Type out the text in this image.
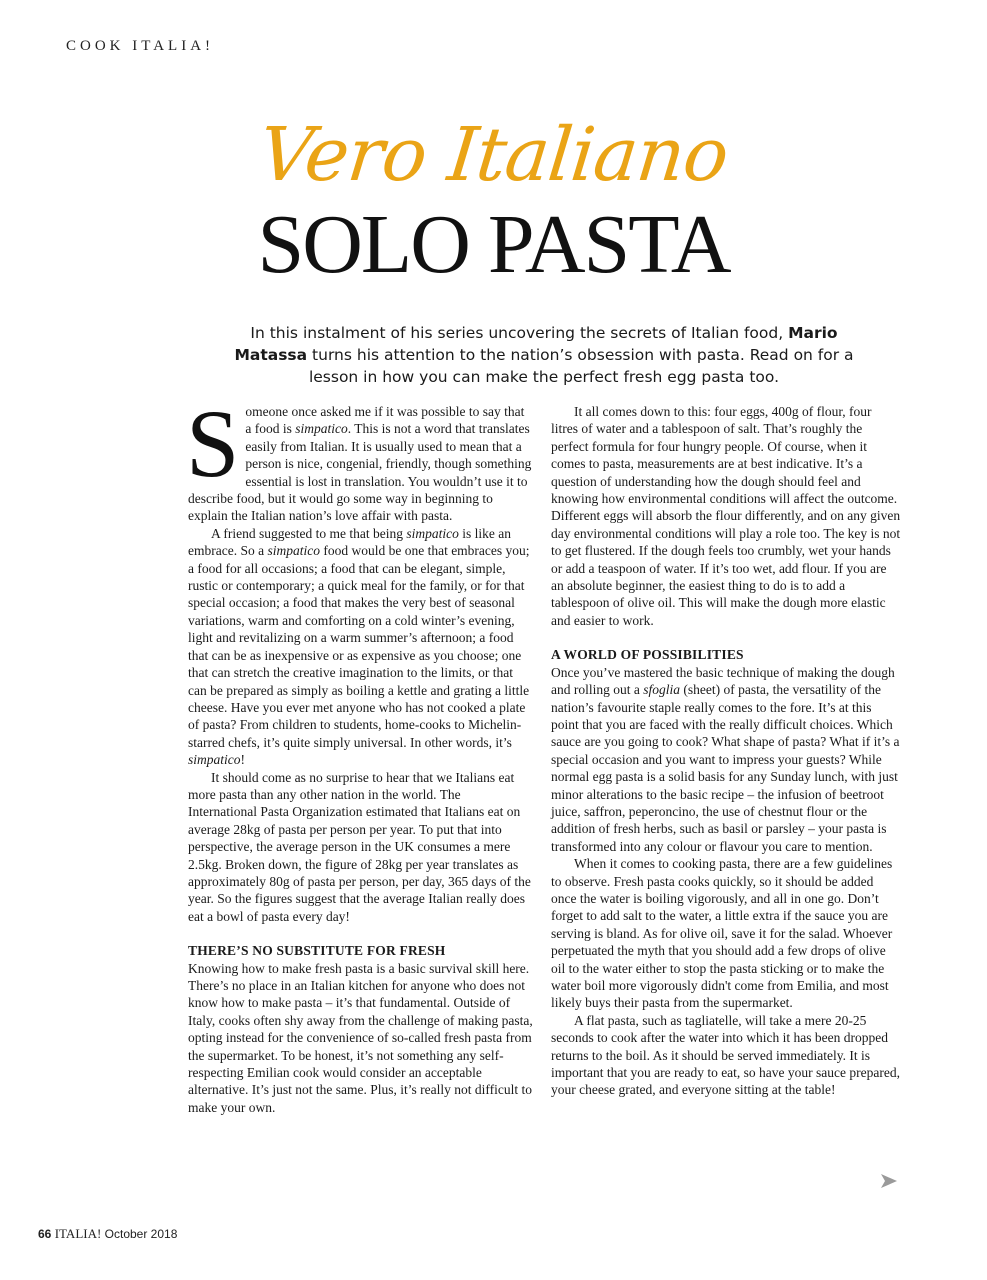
COOK ITALIA!
Vero Italiano
SOLO PASTA
In this instalment of his series uncovering the secrets of Italian food, Mario Matassa turns his attention to the nation’s obsession with pasta. Read on for a lesson in how you can make the perfect fresh egg pasta too.
S omeone once asked me if it was possible to say that a food is simpatico. This is not a word that translates easily from Italian. It is usually used to mean that a person is nice, congenial, friendly, though something essential is lost in translation. You wouldn’t use it to describe food, but it would go some way in beginning to explain the Italian nation’s love affair with pasta.

A friend suggested to me that being simpatico is like an embrace. So a simpatico food would be one that embraces you; a food for all occasions; a food that can be elegant, simple, rustic or contemporary; a quick meal for the family, or for that special occasion; a food that makes the very best of seasonal variations, warm and comforting on a cold winter’s evening, light and revitalizing on a warm summer’s afternoon; a food that can be as inexpensive or as expensive as you choose; one that can stretch the creative imagination to the limits, or that can be prepared as simply as boiling a kettle and grating a little cheese. Have you ever met anyone who has not cooked a plate of pasta? From children to students, home-cooks to Michelin-starred chefs, it’s quite simply universal. In other words, it’s simpatico!

It should come as no surprise to hear that we Italians eat more pasta than any other nation in the world. The International Pasta Organization estimated that Italians eat on average 28kg of pasta per person per year. To put that into perspective, the average person in the UK consumes a mere 2.5kg. Broken down, the figure of 28kg per year translates as approximately 80g of pasta per person, per day, 365 days of the year. So the figures suggest that the average Italian really does eat a bowl of pasta every day!

THERE’S NO SUBSTITUTE FOR FRESH

Knowing how to make fresh pasta is a basic survival skill here. There’s no place in an Italian kitchen for anyone who does not know how to make pasta – it’s that fundamental. Outside of Italy, cooks often shy away from the challenge of making pasta, opting instead for the convenience of so-called fresh pasta from the supermarket. To be honest, it’s not something any self-respecting Emilian cook would consider an acceptable alternative. It’s just not the same. Plus, it’s really not difficult to make your own.

It all comes down to this: four eggs, 400g of flour, four litres of water and a tablespoon of salt. That’s roughly the perfect formula for four hungry people. Of course, when it comes to pasta, measurements are at best indicative. It’s a question of understanding how the dough should feel and knowing how environmental conditions will affect the outcome. Different eggs will absorb the flour differently, and on any given day environmental conditions will play a role too. The key is not to get flustered. If the dough feels too crumbly, wet your hands or add a teaspoon of water. If it’s too wet, add flour. If you are an absolute beginner, the easiest thing to do is to add a tablespoon of olive oil. This will make the dough more elastic and easier to work.

A WORLD OF POSSIBILITIES

Once you’ve mastered the basic technique of making the dough and rolling out a sfoglia (sheet) of pasta, the versatility of the nation’s favourite staple really comes to the fore. It’s at this point that you are faced with the really difficult choices. Which sauce are you going to cook? What shape of pasta? What if it’s a special occasion and you want to impress your guests? While normal egg pasta is a solid basis for any Sunday lunch, with just minor alterations to the basic recipe – the infusion of beetroot juice, saffron, peperoncino, the use of chestnut flour or the addition of fresh herbs, such as basil or parsley – your pasta is transformed into any colour or flavour you care to mention.

When it comes to cooking pasta, there are a few guidelines to observe. Fresh pasta cooks quickly, so it should be added once the water is boiling vigorously, and all in one go. Don’t forget to add salt to the water, a little extra if the sauce you are serving is bland. As for olive oil, save it for the salad. Whoever perpetuated the myth that you should add a few drops of olive oil to the water either to stop the pasta sticking or to make the water boil more vigorously didn't come from Emilia, and most likely buys their pasta from the supermarket.

A flat pasta, such as tagliatelle, will take a mere 20-25 seconds to cook after the water into which it has been dropped returns to the boil. As it should be served immediately. It is important that you are ready to eat, so have your sauce prepared, your cheese grated, and everyone sitting at the table!

66 ITALIA! October 2018
